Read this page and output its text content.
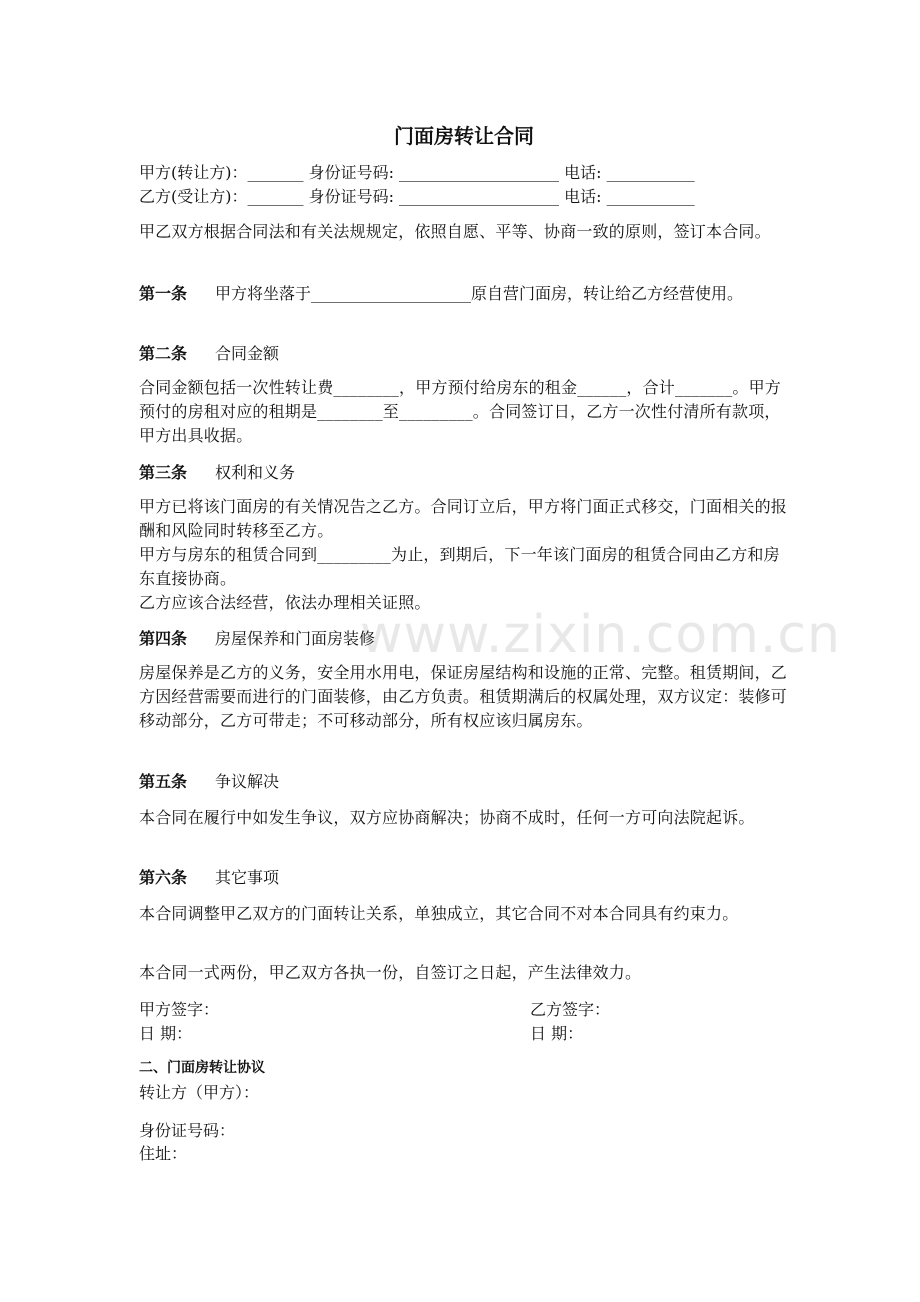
门面房转让合同
甲方(转让方)：_______ 身份证号码: ____________________ 电话: ___________
乙方(受让方)：_______ 身份证号码: ____________________ 电话: ___________
甲乙双方根据合同法和有关法规规定，依照自愿、平等、协商一致的原则，签订本合同。
第一条 甲方将坐落于____________________原自营门面房，转让给乙方经营使用。
第二条 合同金额
合同金额包括一次性转让费________，甲方预付给房东的租金______，合计_______。甲方预付的房租对应的租期是________至_________。合同签订日，乙方一次性付清所有款项，甲方出具收据。
第三条 权利和义务
甲方已将该门面房的有关情况告之乙方。合同订立后，甲方将门面正式移交，门面相关的报酬和风险同时转移至乙方。
甲方与房东的租赁合同到_________为止，到期后，下一年该门面房的租赁合同由乙方和房东直接协商。
乙方应该合法经营，依法办理相关证照。
第四条 房屋保养和门面房装修
房屋保养是乙方的义务，安全用水用电，保证房屋结构和设施的正常、完整。租赁期间，乙方因经营需要而进行的门面装修，由乙方负责。租赁期满后的权属处理，双方议定：装修可移动部分，乙方可带走；不可移动部分，所有权应该归属房东。
第五条 争议解决
本合同在履行中如发生争议，双方应协商解决；协商不成时，任何一方可向法院起诉。
第六条 其它事项
本合同调整甲乙双方的门面转让关系，单独成立，其它合同不对本合同具有约束力。
本合同一式两份，甲乙双方各执一份，自签订之日起，产生法律效力。
甲方签字：
日 期：
乙方签字：
日 期：
二、门面房转让协议
转让方（甲方）：
身份证号码：
住址：
www.zixin.com.cn
